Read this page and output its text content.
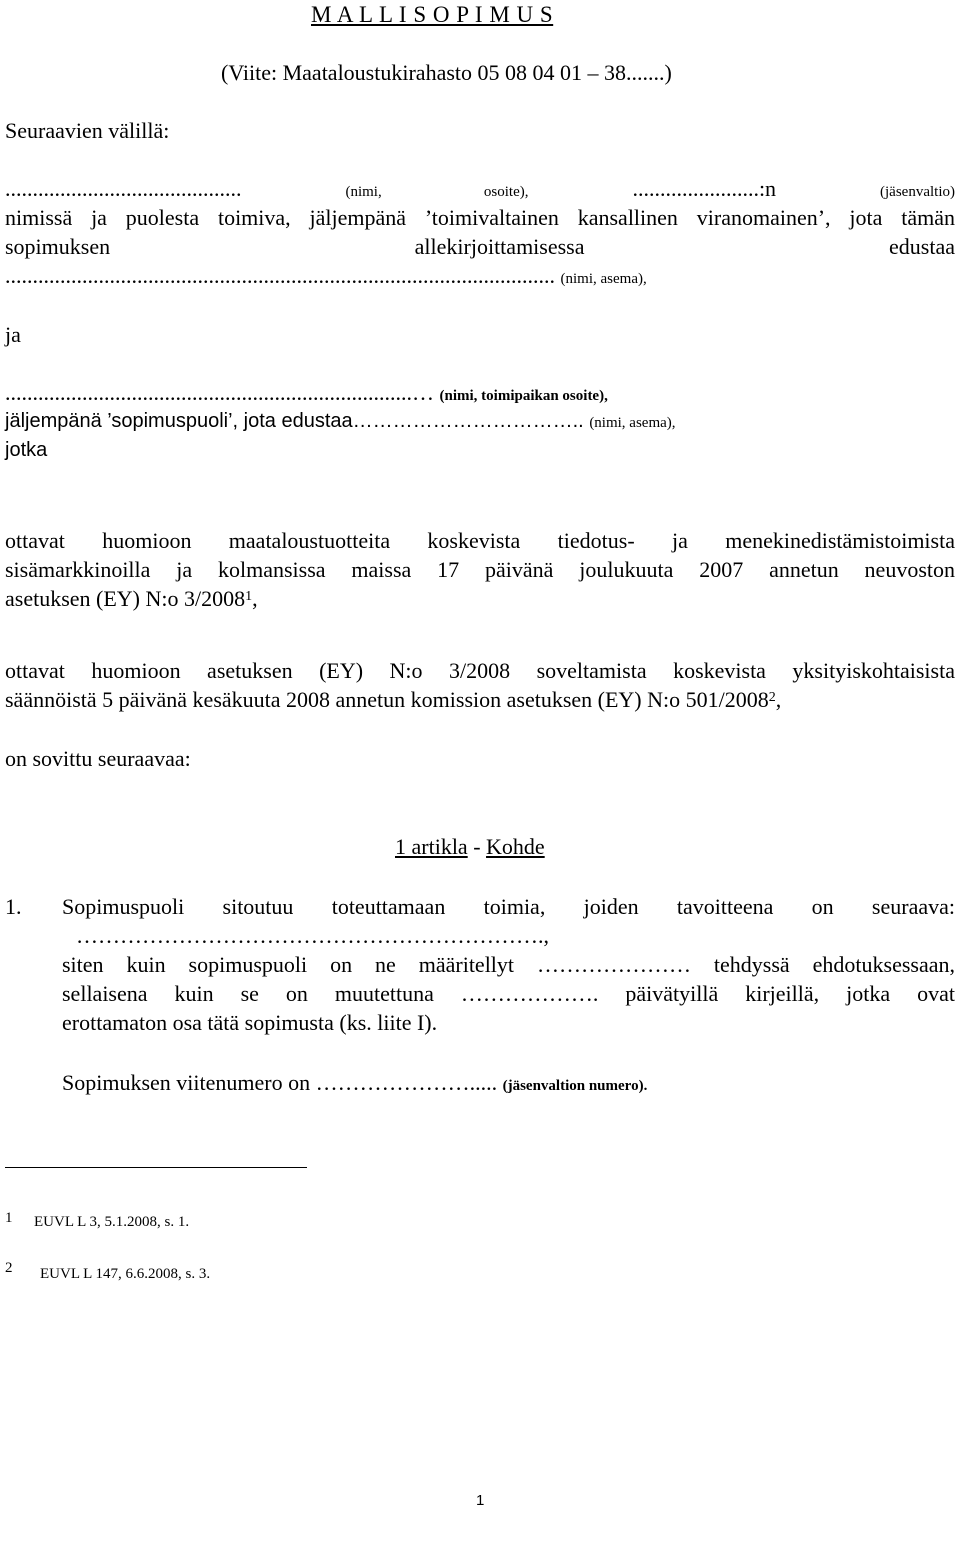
M A L L I S O P I M U S
(Viite: Maataloustukirahasto 05 08 04 01 – 38.......)
Seuraavien välillä:
...........................................	(nimi, osoite),	.......................:n	(jäsenvaltio)
nimissä ja puolesta toimiva, jäljempänä ’toimivaltainen kansallinen viranomainen’, jota tämän
sopimuksen	allekirjoittamisessa	edustaa
.................................................................................................... (nimi, asema),
ja
..........................................................................… (nimi, toimipaikan osoite),
jäljempänä ’sopimuspuoli’, jota edustaa…………………………….. (nimi, asema),
jotka
ottavat huomioon maataloustuotteita koskevista tiedotus- ja menekinedistämistoimista
sisämarkkinoilla ja kolmansissa maissa 17 päivänä joulukuuta 2007 annetun neuvoston
asetuksen (EY) N:o 3/2008$^1$,
ottavat huomioon asetuksen (EY) N:o 3/2008 soveltamista koskevista yksityiskohtaisista
säännöistä 5 päivänä kesäkuuta 2008 annetun komission asetuksen (EY) N:o 501/2008$^2$,
on sovittu seuraavaa:
1 artikla - Kohde
1. Sopimuspuoli sitoutuu toteuttamaan toimia, joiden tavoitteena on seuraava:
……………………………………………………….,
siten kuin sopimuspuoli on ne määritellyt ………………… tehdyssä ehdotuksessaan,
sellaisena kuin se on muutettuna ………………. päivätyillä kirjeillä, jotka ovat
erottamaton osa tätä sopimusta (ks. liite I).
Sopimuksen viitenumero on …………………..... (jäsenvaltion numero).
1 EUVL L 3, 5.1.2008, s. 1.
2 EUVL L 147, 6.6.2008, s. 3.
1
